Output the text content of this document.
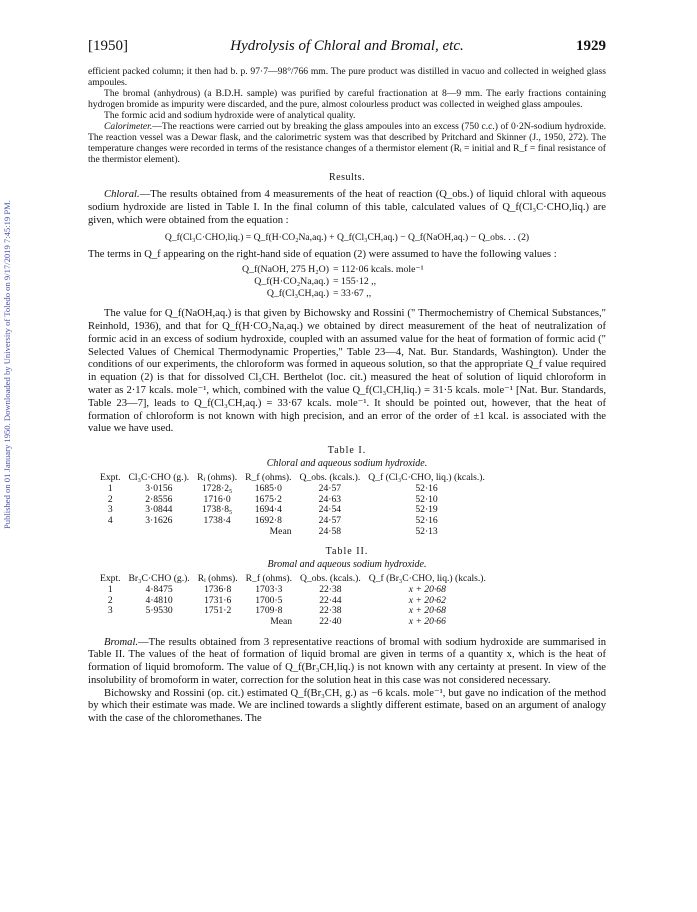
Published on 01 January 1950. Downloaded by University of Toledo on 9/17/2019 7:45:19 PM.
[1950]	Hydrolysis of Chloral and Bromal, etc.	1929

efficient packed column; it then had b. p. 97·7—98°/766 mm. The pure product was distilled in vacuo and collected in weighed glass ampoules.

The bromal (anhydrous) (a B.D.H. sample) was purified by careful fractionation at 8—9 mm. The early fractions containing hydrogen bromide as impurity were discarded, and the pure, almost colourless product was collected in weighed glass ampoules.

The formic acid and sodium hydroxide were of analytical quality.

Calorimeter.—The reactions were carried out by breaking the glass ampoules into an excess (750 c.c.) of 0·2N-sodium hydroxide. The reaction vessel was a Dewar flask, and the calorimetric system was that described by Pritchard and Skinner (J., 1950, 272). The temperature changes were recorded in terms of the resistance changes of a thermistor element (Rᵢ = initial and R_f = final resistance of the thermistor element).

Results.

Chloral.—The results obtained from 4 measurements of the heat of reaction (Q_obs.) of liquid chloral with aqueous sodium hydroxide are listed in Table I. In the final column of this table, calculated values of Q_f(Cl₃C·CHO,liq.) are given, which were obtained from the equation :

Q_f(Cl₃C·CHO,liq.) = Q_f(H·CO₂Na,aq.) + Q_f(Cl₃CH,aq.) − Q_f(NaOH,aq.) − Q_obs. . . (2)

The terms in Q_f appearing on the right-hand side of equation (2) were assumed to have the following values :

Q_f(NaOH, 275 H₂O) = 112·06 kcals. mole⁻¹
Q_f(H·CO₂Na,aq.) = 155·12 ,,
Q_f(Cl₃CH,aq.) = 33·67 ,,

The value for Q_f(NaOH,aq.) is that given by Bichowsky and Rossini (" Thermochemistry of Chemical Substances," Reinhold, 1936), and that for Q_f(H·CO₂Na,aq.) we obtained by direct measurement of the heat of neutralization of formic acid in an excess of sodium hydroxide, coupled with an assumed value for the heat of formation of formic acid (" Selected Values of Chemical Thermodynamic Properties," Table 23—4, Nat. Bur. Standards, Washington). Under the conditions of our experiments, the chloroform was formed in aqueous solution, so that the appropriate Q_f value required in equation (2) is that for dissolved Cl₃CH. Berthelot (loc. cit.) measured the heat of solution of liquid chloroform in water as 2·17 kcals. mole⁻¹, which, combined with the value Q_f(Cl₃CH,liq.) = 31·5 kcals. mole⁻¹ [Nat. Bur. Standards, Table 23—7], leads to Q_f(Cl₃CH,aq.) = 33·67 kcals. mole⁻¹. It should be pointed out, however, that the heat of formation of chloroform is not known with high precision, and an error of the order of ±1 kcal. is associated with the value we have used.

Table I.
Chloral and aqueous sodium hydroxide.
Expt.	Cl₃C·CHO (g.).	Rᵢ (ohms).	R_f (ohms).	Q_obs. (kcals.).	Q_f (Cl₃C·CHO, liq.) (kcals.).
1	3·0156	1728·2₅	1685·0	24·57	52·16
2	2·8556	1716·0	1675·2	24·63	52·10
3	3·0844	1738·8₅	1694·4	24·54	52·19
4	3·1626	1738·4	1692·8	24·57	52·16
			Mean	24·58	52·13
Table II.
Bromal and aqueous sodium hydroxide.
Expt.	Br₃C·CHO (g.).	Rᵢ (ohms).	R_f (ohms).	Q_obs. (kcals.).	Q_f (Br₃C·CHO, liq.) (kcals.).
1	4·8475	1736·8	1703·3	22·38	x + 20·68
2	4·4810	1731·6	1700·5	22·44	x + 20·62
3	5·9530	1751·2	1709·8	22·38	x + 20·68
			Mean	22·40	x + 20·66

Bromal.—The results obtained from 3 representative reactions of bromal with sodium hydroxide are summarised in Table II. The values of the heat of formation of liquid bromal are given in terms of a quantity x, which is the heat of formation of liquid bromoform. The value of Q_f(Br₃CH,liq.) is not known with any certainty at present. In view of the insolubility of bromoform in water, correction for the solution heat in this case was not considered necessary.

Bichowsky and Rossini (op. cit.) estimated Q_f(Br₃CH, g.) as −6 kcals. mole⁻¹, but gave no indication of the method by which their estimate was made. We are inclined towards a slightly different estimate, based on an argument of analogy with the case of the chloromethanes. The
